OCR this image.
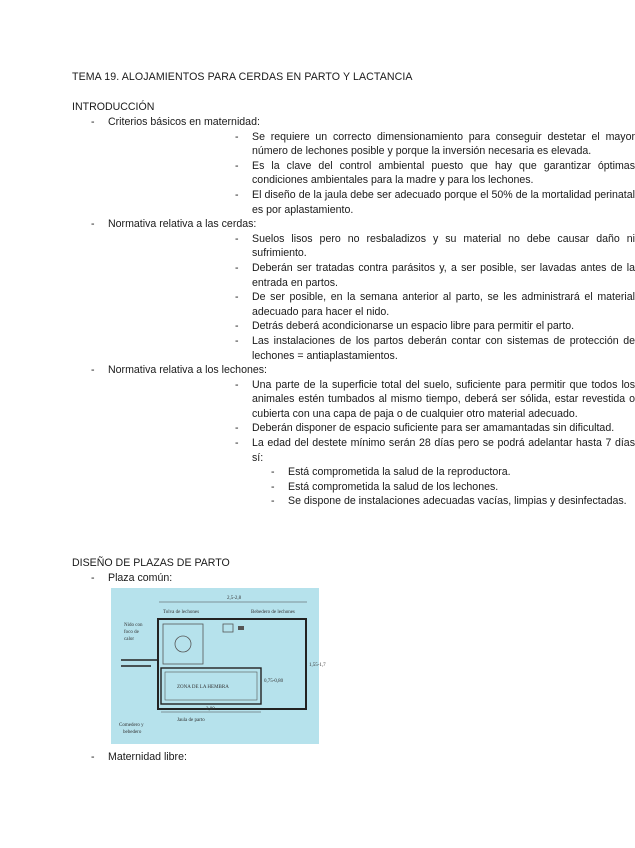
TEMA 19. ALOJAMIENTOS PARA CERDAS EN PARTO Y LACTANCIA
INTRODUCCIÓN
- Criterios básicos en maternidad:
- Se requiere un correcto dimensionamiento para conseguir destetar el mayor número de lechones posible y porque la inversión necesaria es elevada.
- Es la clave del control ambiental puesto que hay que garantizar óptimas condiciones ambientales para la madre y para los lechones.
- El diseño de la jaula debe ser adecuado porque el 50% de la mortalidad perinatal es por aplastamiento.
- Normativa relativa a las cerdas:
- Suelos lisos pero no resbaladizos y su material no debe causar daño ni sufrimiento.
- Deberán ser tratadas contra parásitos y, a ser posible, ser lavadas antes de la entrada en partos.
- De ser posible, en la semana anterior al parto, se les administrará el material adecuado para hacer el nido.
- Detrás deberá acondicionarse un espacio libre para permitir el parto.
- Las instalaciones de los partos deberán contar con sistemas de protección de lechones = antiaplastamientos.
- Normativa relativa a los lechones:
- Una parte de la superficie total del suelo, suficiente para permitir que todos los animales estén tumbados al mismo tiempo, deberá ser sólida, estar revestida o cubierta con una capa de paja o de cualquier otro material adecuado.
- Deberán disponer de espacio suficiente para ser amamantadas sin dificultad.
- La edad del destete mínimo serán 28 días pero se podrá adelantar hasta 7 días sí:
- Está comprometida la salud de la reproductora.
- Está comprometida la salud de los lechones.
- Se dispone de instalaciones adecuadas vacías, limpias y desinfectadas.
DISEÑO DE PLAZAS DE PARTO
- Plaza común:
2,5-2,8
Tolva de lechones	Bebedero de lechones
Nido con
foco de
calor
ZONA DE LA HEMBRA
0,75-0,80
1,55-1,7
2,00
Comedero y
bebedero
Jaula de parto
- Maternidad libre:
